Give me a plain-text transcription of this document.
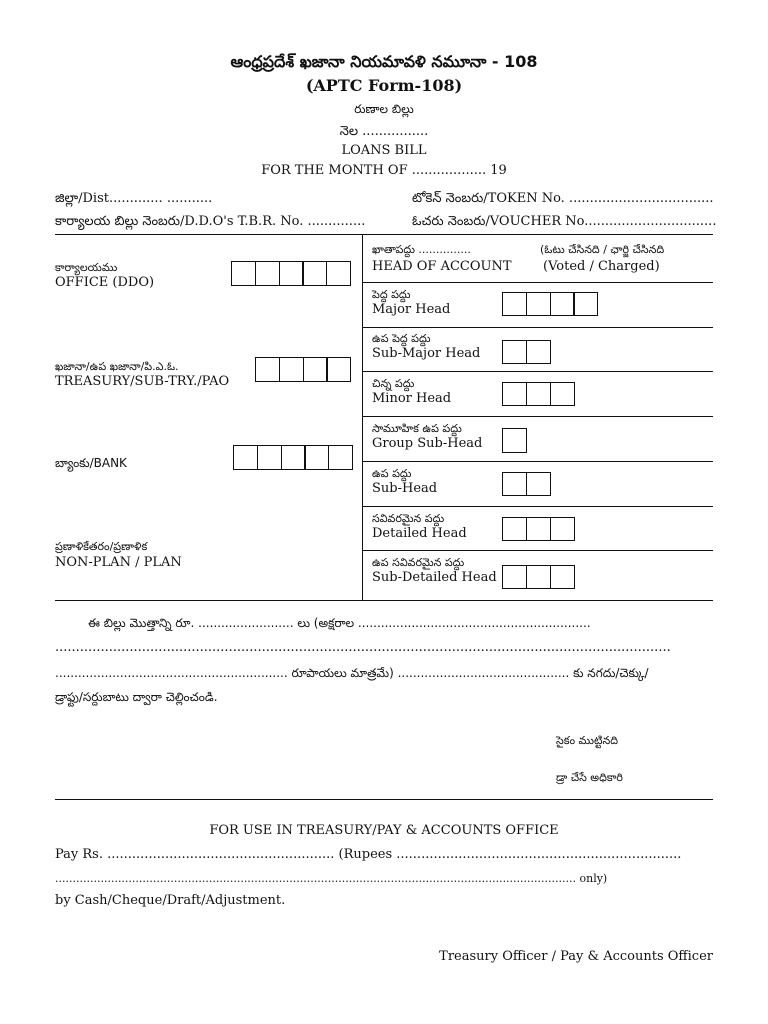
ఆంధ్రప్రదేశ్ ఖజానా నియమావళి నమూనా - 108
(APTC Form-108)
రుణాల బిల్లు
నెల ................
LOANS BILL
FOR THE MONTH OF .................. 19
జిల్లా/Dist............. ...........	టోకెన్ నెంబరు/TOKEN No. ...................................
కార్యాలయ బిల్లు నెంబరు/D.D.O's T.B.R. No. ..............	ఓచరు నెంబరు/VOUCHER No................................
కార్యాలయము
OFFICE (DDO)
ఖజానా/ఉప ఖజానా/పి.ఎ.ఓ.
TREASURY/SUB-TRY./PAO
బ్యాంకు/BANK
ప్రణాళికేతరం/ప్రణాళిక
NON-PLAN / PLAN
ఖాతాపద్దు ...............
HEAD OF ACCOUNT
(ఓటు చేసినది / ఛార్జి చేసినది
(Voted / Charged)
పెద్ద పద్దు
Major Head
ఉప పెద్ద పద్దు
Sub-Major Head
చిన్న పద్దు
Minor Head
సామూహిక ఉప పద్దు
Group Sub-Head
ఉప పద్దు
Sub-Head
సవివరమైన పద్దు
Detailed Head
ఉప సవివరమైన పద్దు
Sub-Detailed Head
ఈ బిల్లు మొత్తాన్ని రూ. ......................... లు (అక్షరాల .............................................................
.....................................................................................................................................................
............................................................. రూపాయలు మాత్రమే) ............................................. కు నగదు/చెక్కు/
డ్రాఫ్టు/సర్దుబాటు ద్వారా చెల్లించండి.
సైకం ముట్టినది
డ్రా చేసే అధికారి
FOR USE IN TREASURY/PAY & ACCOUNTS OFFICE
Pay Rs. ....................................................... (Rupees .....................................................................
..................................................................................................................................................... only)
by Cash/Cheque/Draft/Adjustment.
Treasury Officer / Pay & Accounts Officer
